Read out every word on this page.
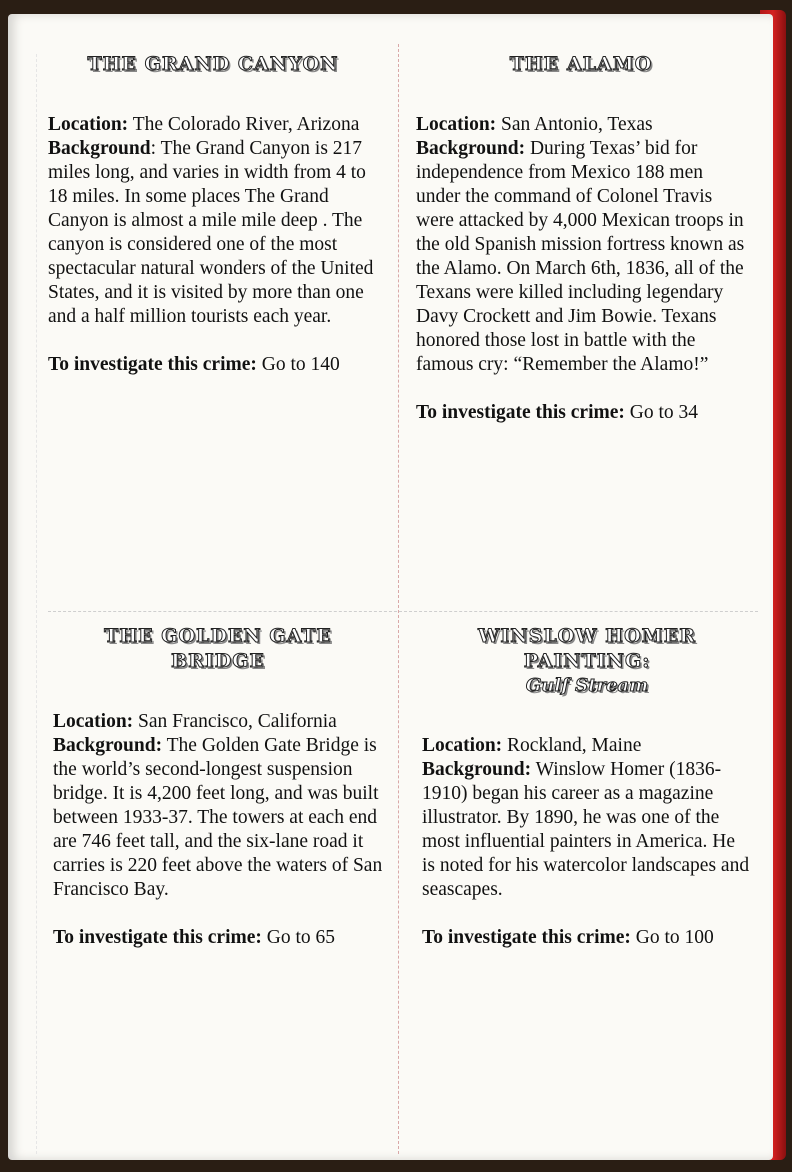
THE GRAND CANYON

Location: The Colorado River, Arizona
Background: The Grand Canyon is 217 miles long, and varies in width from 4 to 18 miles. In some places The Grand Canyon is almost a mile mile deep . The canyon is considered one of the most spectacular natural wonders of the United States, and it is visited by more than one and a half million tourists each year.

To investigate this crime: Go to 140

THE ALAMO

Location: San Antonio, Texas
Background: During Texas’ bid for independence from Mexico 188 men under the command of Colonel Travis were attacked by 4,000 Mexican troops in the old Spanish mission fortress known as the Alamo. On March 6th, 1836, all of the Texans were killed including legendary Davy Crockett and Jim Bowie. Texans honored those lost in battle with the famous cry: “Remember the Alamo!”

To investigate this crime: Go to 34

THE GOLDEN GATE BRIDGE

Location: San Francisco, California
Background: The Golden Gate Bridge is the world’s second-longest suspension bridge. It is 4,200 feet long, and was built between 1933-37. The towers at each end are 746 feet tall, and the six-lane road it carries is 220 feet above the waters of San Francisco Bay.

To investigate this crime: Go to 65

WINSLOW HOMER PAINTING:

Gulf Stream

Location: Rockland, Maine
Background: Winslow Homer (1836-1910) began his career as a magazine illustrator. By 1890, he was one of the most influential painters in America. He is noted for his watercolor landscapes and seascapes.

To investigate this crime: Go to 100
